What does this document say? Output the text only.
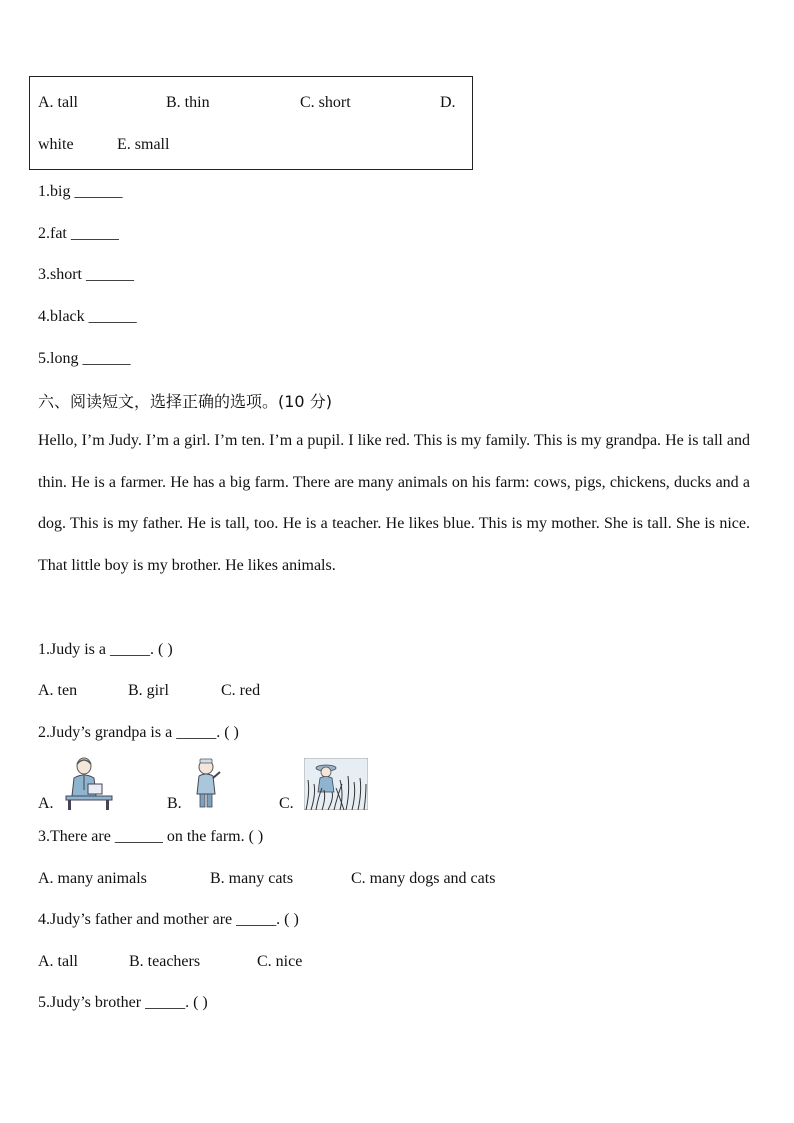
A. tall	B. thin	C. short	D.
white	E. small
1.big ______
2.fat ______
3.short ______
4.black ______
5.long ______
六、阅读短文，选择正确的选项。(10 分)
Hello, I’m Judy. I’m a girl. I’m ten. I’m a pupil. I like red. This is my family. This is my grandpa. He is tall and thin. He is a farmer. He has a big farm. There are many animals on his farm: cows, pigs, chickens, ducks and a dog. This is my father. He is tall, too. He is a teacher. He likes blue. This is my mother. She is tall. She is nice. That little boy is my brother. He likes animals.
1.Judy is a _____. ( )
A. ten	B. girl	C. red
2.Judy’s grandpa is a _____. ( )
A.	B.	C.
3.There are ______ on the farm. ( )
A. many animals	B. many cats	C. many dogs and cats
4.Judy’s father and mother are _____. ( )
A. tall	B. teachers	C. nice
5.Judy’s brother _____. ( )
